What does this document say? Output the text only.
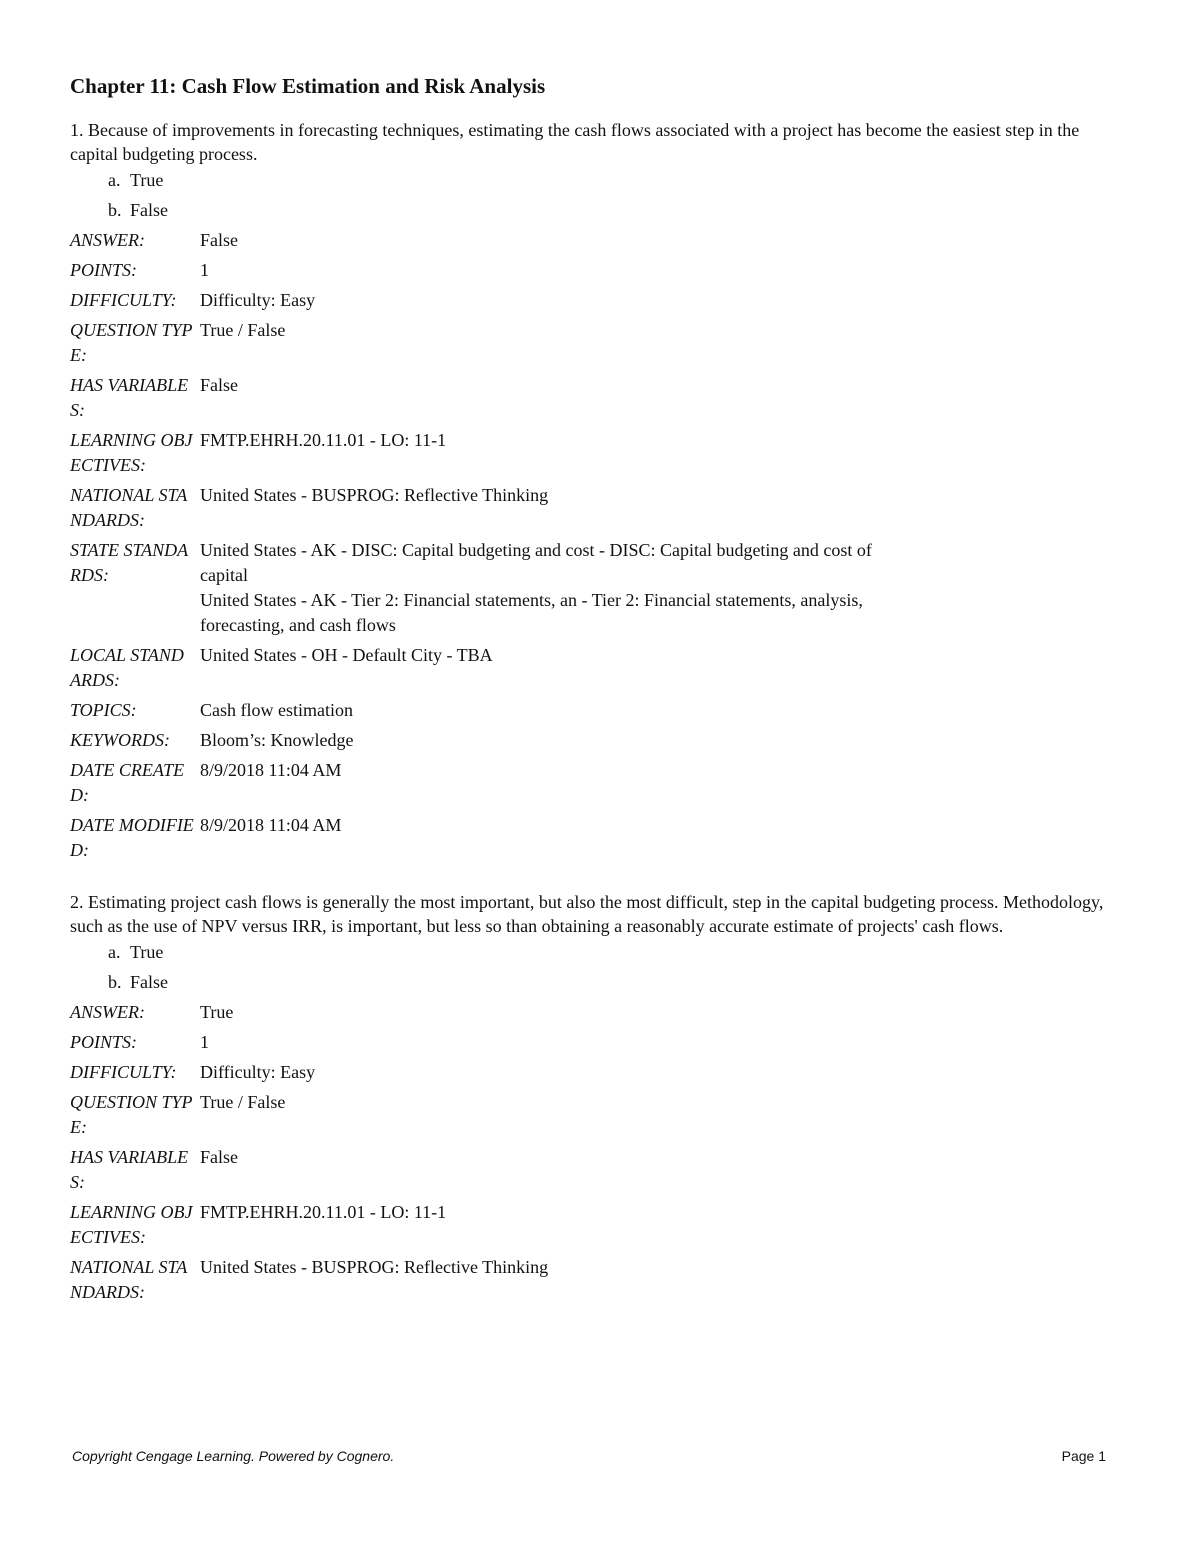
Chapter 11: Cash Flow Estimation and Risk Analysis
1. Because of improvements in forecasting techniques, estimating the cash flows associated with a project has become the easiest step in the capital budgeting process.
a. True
b. False
ANSWER:	False
POINTS:	1
DIFFICULTY:	Difficulty: Easy
QUESTION TYPE:
True / False
HAS VARIABLES:
False
LEARNING OBJECTIVES:
FMTP.EHRH.20.11.01 - LO: 11-1
NATIONAL STANDARDS:
United States - BUSPROG: Reflective Thinking
STATE STANDARDS:
United States - AK - DISC: Capital budgeting and cost - DISC: Capital budgeting and cost of capital
United States - AK - Tier 2: Financial statements, an - Tier 2: Financial statements, analysis, forecasting, and cash flows
LOCAL STANDARDS:
United States - OH - Default City - TBA
TOPICS:	Cash flow estimation
KEYWORDS:	Bloom’s: Knowledge
DATE CREATED:
8/9/2018 11:04 AM
DATE MODIFIED:
8/9/2018 11:04 AM
2. Estimating project cash flows is generally the most important, but also the most difficult, step in the capital budgeting process. Methodology, such as the use of NPV versus IRR, is important, but less so than obtaining a reasonably accurate estimate of projects' cash flows.
a. True
b. False
ANSWER:	True
POINTS:	1
DIFFICULTY:	Difficulty: Easy
QUESTION TYPE:
True / False
HAS VARIABLES:
False
LEARNING OBJECTIVES:
FMTP.EHRH.20.11.01 - LO: 11-1
NATIONAL STANDARDS:
United States - BUSPROG: Reflective Thinking
Copyright Cengage Learning. Powered by Cognero.	Page 1
